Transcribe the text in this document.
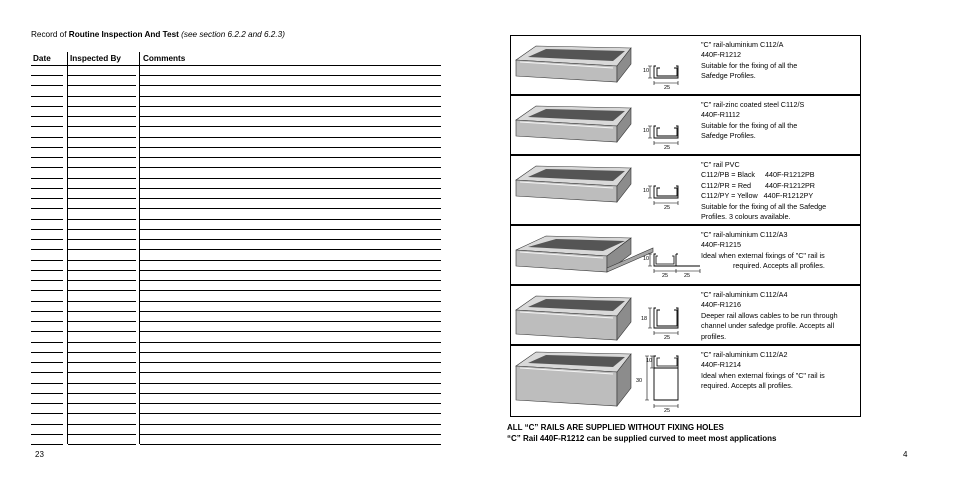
Record of Routine Inspection And Test (see section 6.2.2 and 6.2.3)
Date Inspected By	Comments
23
10
25
"C" rail-aluminium C112/A
440F-R1212
Suitable for the fixing of all the
Safedge Profiles.
10
25
"C" rail-zinc coated steel C112/S
440F-R1112
Suitable for the fixing of all the
Safedge Profiles.
10
25
"C" rail PVC
C112/PB = Black     440F-R1212PB
C112/PR = Red       440F-R1212PR
C112/PY = Yellow   440F-R1212PY
Suitable for the fixing of all the Safedge
Profiles. 3 colours available.
10
25	25
"C" rail-aluminium C112/A3
440F-R1215
Ideal when external fixings of "C" rail is
required. Accepts all profiles.
18
25
"C" rail-aluminium C112/A4
440F-R1216
Deeper rail allows cables to be run through
channel under safedge profile. Accepts all
profiles.
10
30
25
"C" rail-aluminium C112/A2
440F-R1214
Ideal when external fixings of "C" rail is
required. Accepts all profiles.
ALL “C” RAILS ARE SUPPLIED WITHOUT FIXING HOLES
“C” Rail 440F-R1212 can be supplied curved to meet most applications
4
